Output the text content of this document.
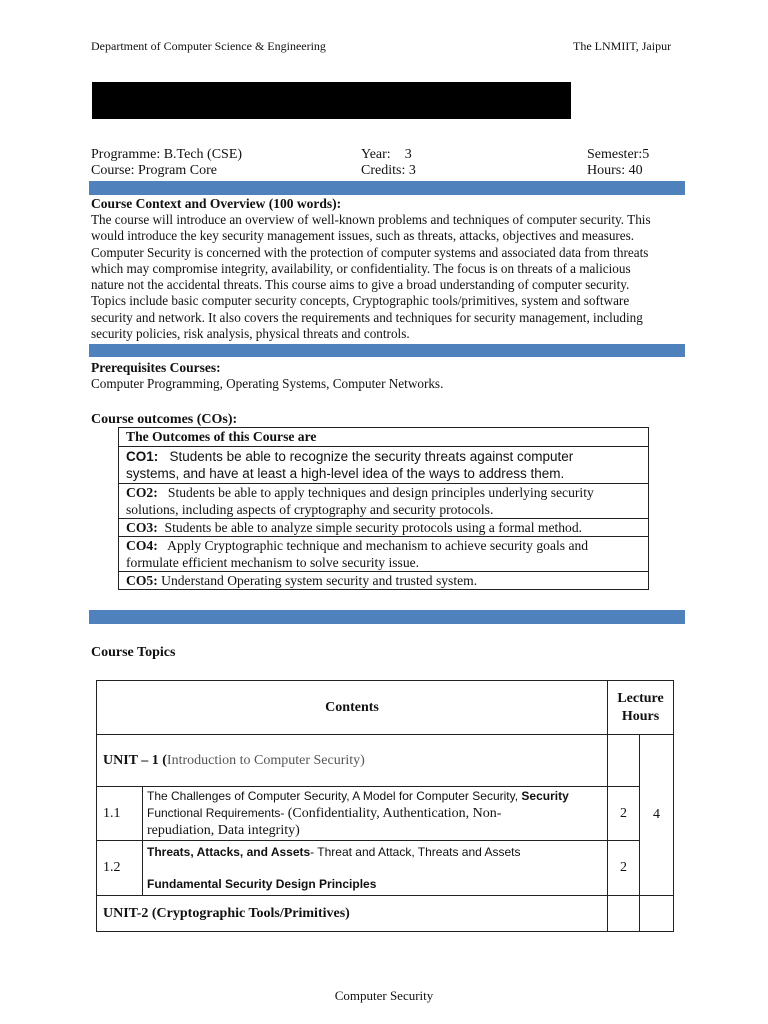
Department of Computer Science & Engineering	The LNMIIT, Jaipur
Programme: B.Tech (CSE)	Year: 3	Semester:5
Course: Program Core	Credits: 3	Hours: 40
Course Context and Overview (100 words):
The course will introduce an overview of well-known problems and techniques of computer security. This
would introduce the key security management issues, such as threats, attacks, objectives and measures.
Computer Security is concerned with the protection of computer systems and associated data from threats
which may compromise integrity, availability, or confidentiality. The focus is on threats of a malicious
nature not the accidental threats. This course aims to give a broad understanding of computer security.
Topics include basic computer security concepts, Cryptographic tools/primitives, system and software
security and network. It also covers the requirements and techniques for security management, including
security policies, risk analysis, physical threats and controls.
Prerequisites Courses:
Computer Programming, Operating Systems, Computer Networks.
Course outcomes (COs):
The Outcomes of this Course are
CO1: Students be able to recognize the security threats against computer
systems, and have at least a high-level idea of the ways to address them.
CO2: Students be able to apply techniques and design principles underlying security
solutions, including aspects of cryptography and security protocols.
CO3: Students be able to analyze simple security protocols using a formal method.
CO4: Apply Cryptographic technique and mechanism to achieve security goals and
formulate efficient mechanism to solve security issue.
CO5: Understand Operating system security and trusted system.
Course Topics
Contents		Lecture
Hours	
UNIT – 1 (Introduction to Computer Security)			4
1.1	The Challenges of Computer Security, A Model for Computer Security, Security
Functional Requirements- (Confidentiality, Authentication, Non-
repudiation, Data integrity)	2	
1.2	Threats, Attacks, and Assets- Threat and Attack, Threats and Assets

Fundamental Security Design Principles	2	
UNIT-2 (Cryptographic Tools/Primitives)			
Computer Security
